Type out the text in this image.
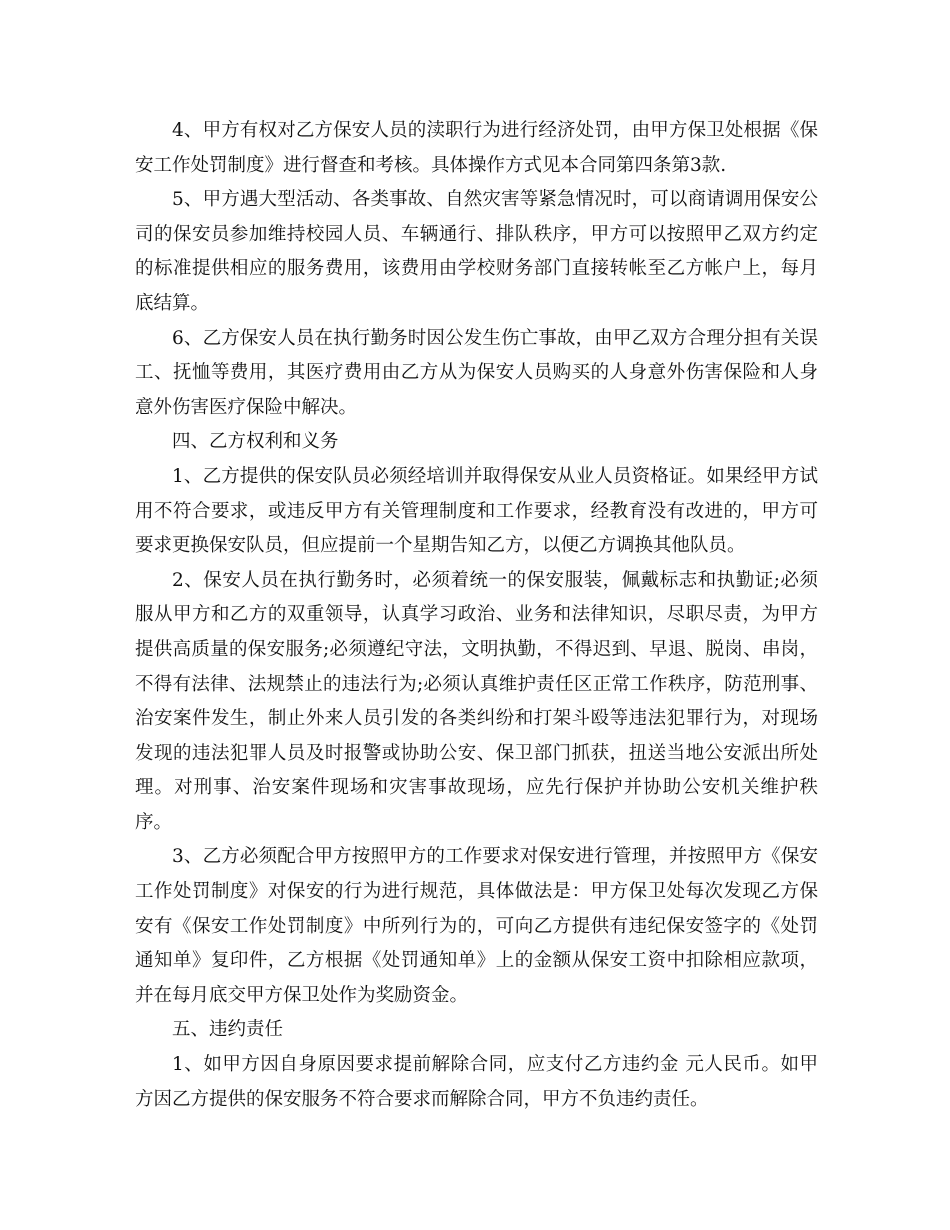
4、甲方有权对乙方保安人员的渎职行为进行经济处罚，由甲方保卫处根据《保安工作处罚制度》进行督查和考核。具体操作方式见本合同第四条第3款.

5、甲方遇大型活动、各类事故、自然灾害等紧急情况时，可以商请调用保安公司的保安员参加维持校园人员、车辆通行、排队秩序，甲方可以按照甲乙双方约定的标准提供相应的服务费用，该费用由学校财务部门直接转帐至乙方帐户上，每月底结算。

6、乙方保安人员在执行勤务时因公发生伤亡事故，由甲乙双方合理分担有关误工、抚恤等费用，其医疗费用由乙方从为保安人员购买的人身意外伤害保险和人身意外伤害医疗保险中解决。

四、乙方权利和义务

1、乙方提供的保安队员必须经培训并取得保安从业人员资格证。如果经甲方试用不符合要求，或违反甲方有关管理制度和工作要求，经教育没有改进的，甲方可要求更换保安队员，但应提前一个星期告知乙方，以便乙方调换其他队员。

2、保安人员在执行勤务时，必须着统一的保安服装，佩戴标志和执勤证;必须服从甲方和乙方的双重领导，认真学习政治、业务和法律知识，尽职尽责，为甲方提供高质量的保安服务;必须遵纪守法，文明执勤，不得迟到、早退、脱岗、串岗，不得有法律、法规禁止的违法行为;必须认真维护责任区正常工作秩序，防范刑事、治安案件发生，制止外来人员引发的各类纠纷和打架斗殴等违法犯罪行为，对现场发现的违法犯罪人员及时报警或协助公安、保卫部门抓获，扭送当地公安派出所处理。对刑事、治安案件现场和灾害事故现场，应先行保护并协助公安机关维护秩序。

3、乙方必须配合甲方按照甲方的工作要求对保安进行管理，并按照甲方《保安工作处罚制度》对保安的行为进行规范，具体做法是：甲方保卫处每次发现乙方保安有《保安工作处罚制度》中所列行为的，可向乙方提供有违纪保安签字的《处罚通知单》复印件，乙方根据《处罚通知单》上的金额从保安工资中扣除相应款项，并在每月底交甲方保卫处作为奖励资金。

五、违约责任

1、如甲方因自身原因要求提前解除合同，应支付乙方违约金 元人民币。如甲方因乙方提供的保安服务不符合要求而解除合同，甲方不负违约责任。
